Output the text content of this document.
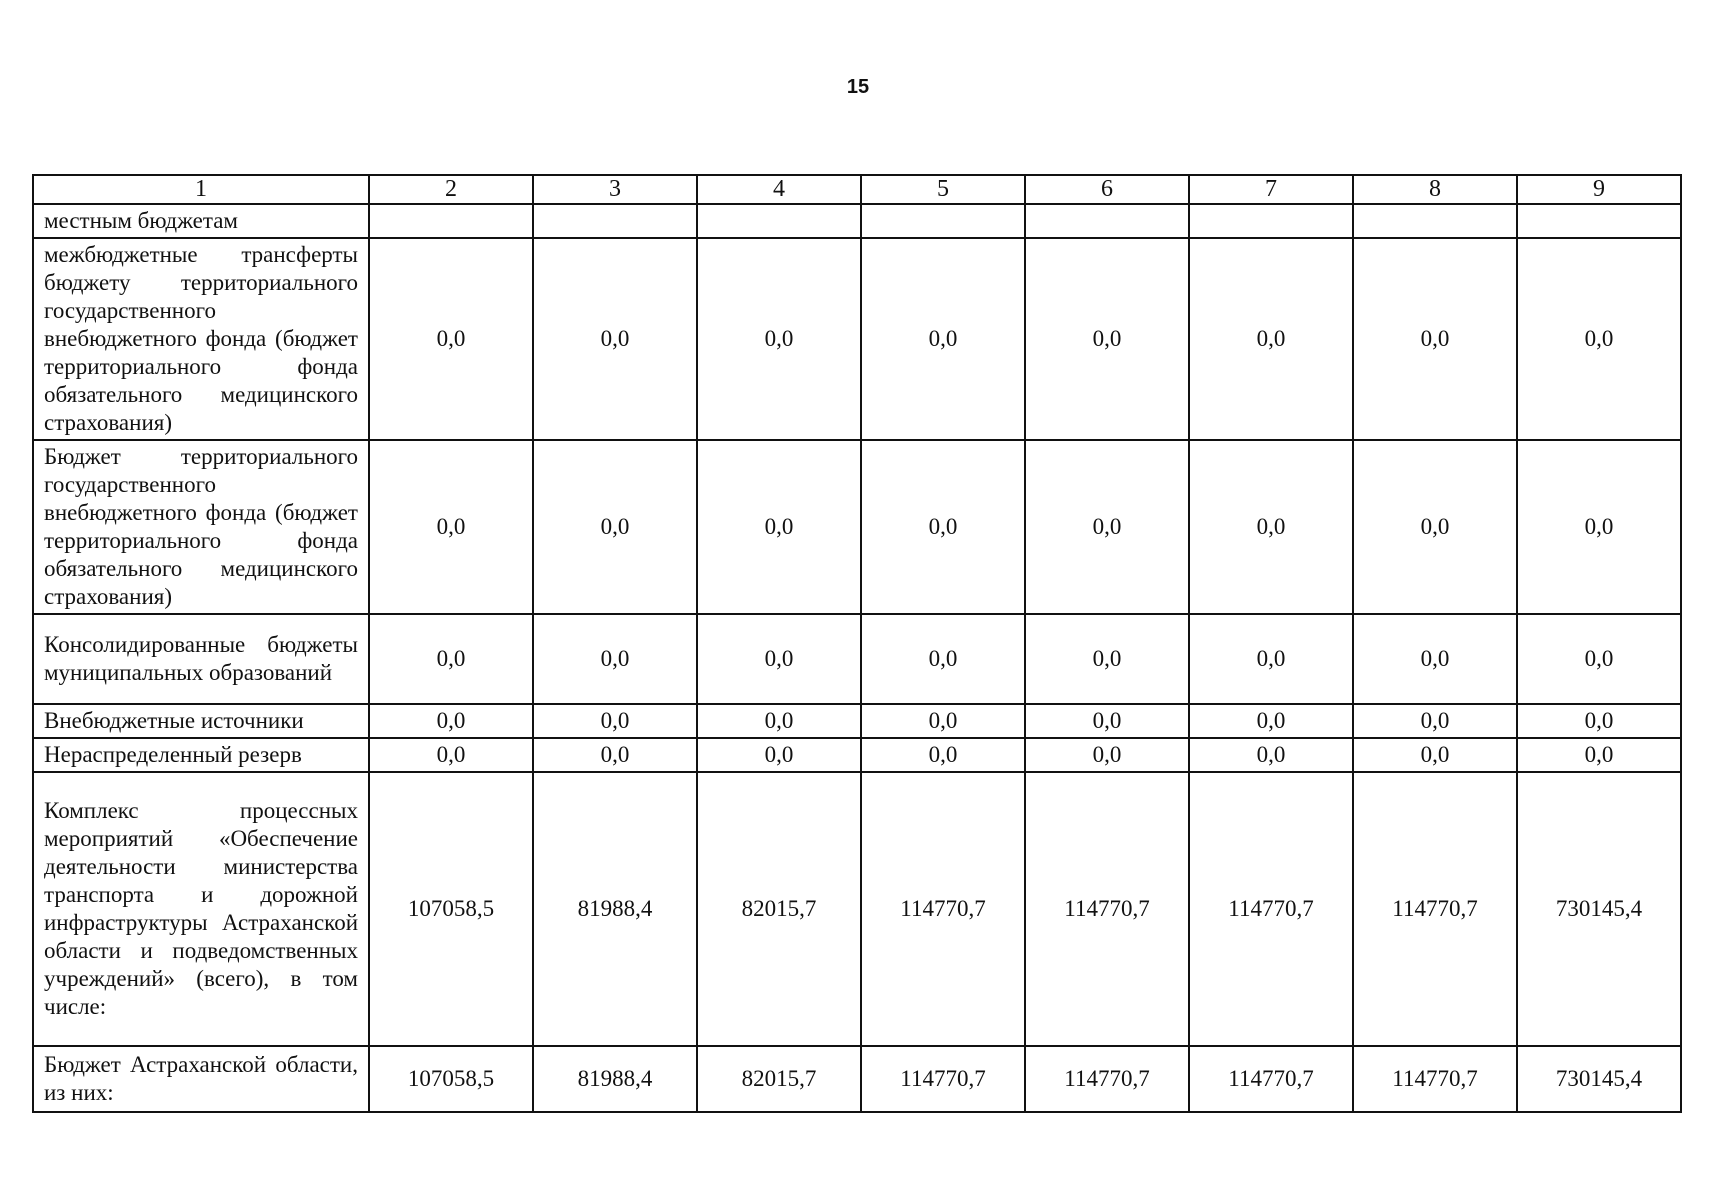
15
1	2	3	4	5	6	7	8	9
местным бюджетам								
межбюджетные трансферты бюджету территориального государственного внебюджетного фонда (бюджет территориального фонда обязательного медицинского страхования)	0,0	0,0	0,0	0,0	0,0	0,0	0,0	0,0
Бюджет территориального государственного внебюджетного фонда (бюджет территориального фонда обязательного медицинского страхования)	0,0	0,0	0,0	0,0	0,0	0,0	0,0	0,0
Консолидированные бюджеты муниципальных образований	0,0	0,0	0,0	0,0	0,0	0,0	0,0	0,0
Внебюджетные источники	0,0	0,0	0,0	0,0	0,0	0,0	0,0	0,0
Нераспределенный резерв	0,0	0,0	0,0	0,0	0,0	0,0	0,0	0,0
Комплекс процессных мероприятий «Обеспечение деятельности министерства транспорта и дорожной инфраструктуры Астраханской области и подведомственных учреждений» (всего), в том числе:	107058,5	81988,4	82015,7	114770,7	114770,7	114770,7	114770,7	730145,4
Бюджет Астраханской области, из них:	107058,5	81988,4	82015,7	114770,7	114770,7	114770,7	114770,7	730145,4
